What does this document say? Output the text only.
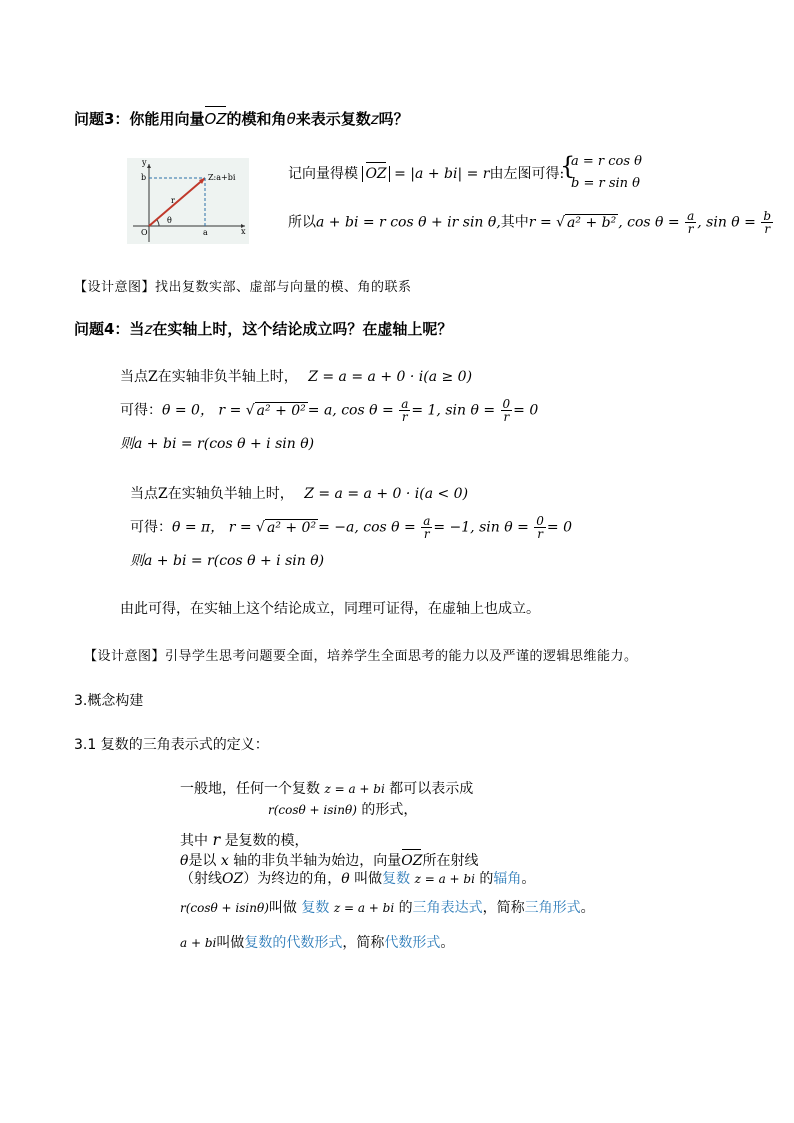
问题3：你能用向量OZ的模和角θ来表示复数z吗？
y
x
O
b
a
Z:a+bi
r
θ
记向量得模 OZ = |a + bi| = r由左图可得:
{
a = r cos θ
b = r sin θ
所以a + bi = r cos θ + ir sin θ,其中r = √ a² + b² , $\cos \theta = \frac{a}{r}$ , $\sin \theta = \frac{b}{r}$
【设计意图】找出复数实部、虚部与向量的模、角的联系
问题4：当z在实轴上时，这个结论成立吗？在虚轴上呢？
当点Z在实轴非负半轴上时， Z = a = a + 0 · i(a ≥ 0)
可得：θ = 0， r = √ a² + 0² = a, $\cos \theta = \frac{a}{r} = 1$, $\sin \theta = \frac{0}{r} = 0$
则a + bi = r(cos θ + i sin θ)
当点Z在实轴负半轴上时， Z = a = a + 0 · i(a < 0)
可得：θ = π， r = √ a² + 0² = −a, $\cos \theta = \frac{a}{r} = -1$, $\sin \theta = \frac{0}{r} = 0$
则a + bi = r(cos θ + i sin θ)
由此可得，在实轴上这个结论成立，同理可证得，在虚轴上也成立。
【设计意图】引导学生思考问题要全面，培养学生全面思考的能力以及严谨的逻辑思维能力。
3.概念构建
3.1 复数的三角表示式的定义：
一般地，任何一个复数 z = a + bi 都可以表示成
r(cosθ + isinθ) 的形式，
其中 r 是复数的模，
θ是以 x 轴的非负半轴为始边，向量OZ所在射线
（射线OZ）为终边的角，θ 叫做复数 z = a + bi 的辐角。
r(cosθ + isinθ)叫做 复数 z = a + bi 的三角表达式，简称三角形式。
a + bi叫做复数的代数形式，简称代数形式。
